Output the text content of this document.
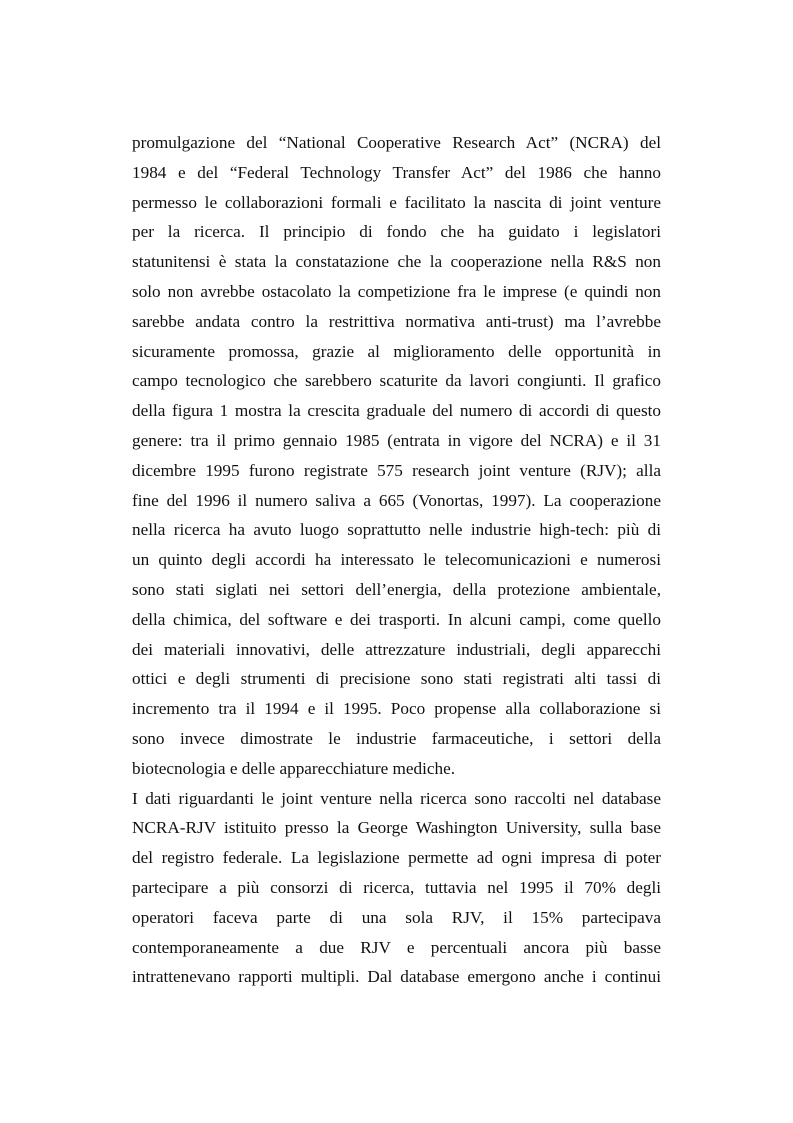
promulgazione del “National Cooperative Research Act” (NCRA) del
1984 e del “Federal Technology Transfer Act” del 1986 che hanno
permesso le collaborazioni formali e facilitato la nascita di joint venture
per la ricerca. Il principio di fondo che ha guidato i legislatori
statunitensi è stata la constatazione che la cooperazione nella R&S non
solo non avrebbe ostacolato la competizione fra le imprese (e quindi non
sarebbe andata contro la restrittiva normativa anti-trust) ma l’avrebbe
sicuramente promossa, grazie al miglioramento delle opportunità in
campo tecnologico che sarebbero scaturite da lavori congiunti. Il grafico
della figura 1 mostra la crescita graduale del numero di accordi di questo
genere: tra il primo gennaio 1985 (entrata in vigore del NCRA) e il 31
dicembre 1995 furono registrate 575 research joint venture (RJV); alla
fine del 1996 il numero saliva a 665 (Vonortas, 1997). La cooperazione
nella ricerca ha avuto luogo soprattutto nelle industrie high-tech: più di
un quinto degli accordi ha interessato le telecomunicazioni e numerosi
sono stati siglati nei settori dell’energia, della protezione ambientale,
della chimica, del software e dei trasporti. In alcuni campi, come quello
dei materiali innovativi, delle attrezzature industriali, degli apparecchi
ottici e degli strumenti di precisione sono stati registrati alti tassi di
incremento tra il 1994 e il 1995. Poco propense alla collaborazione si
sono invece dimostrate le industrie farmaceutiche, i settori della
biotecnologia e delle apparecchiature mediche.
I dati riguardanti le joint venture nella ricerca sono raccolti nel database
NCRA-RJV istituito presso la George Washington University, sulla base
del registro federale. La legislazione permette ad ogni impresa di poter
partecipare a più consorzi di ricerca, tuttavia nel 1995 il 70% degli
operatori faceva parte di una sola RJV, il 15% partecipava
contemporaneamente a due RJV e percentuali ancora più basse
intrattenevano rapporti multipli. Dal database emergono anche i continui
